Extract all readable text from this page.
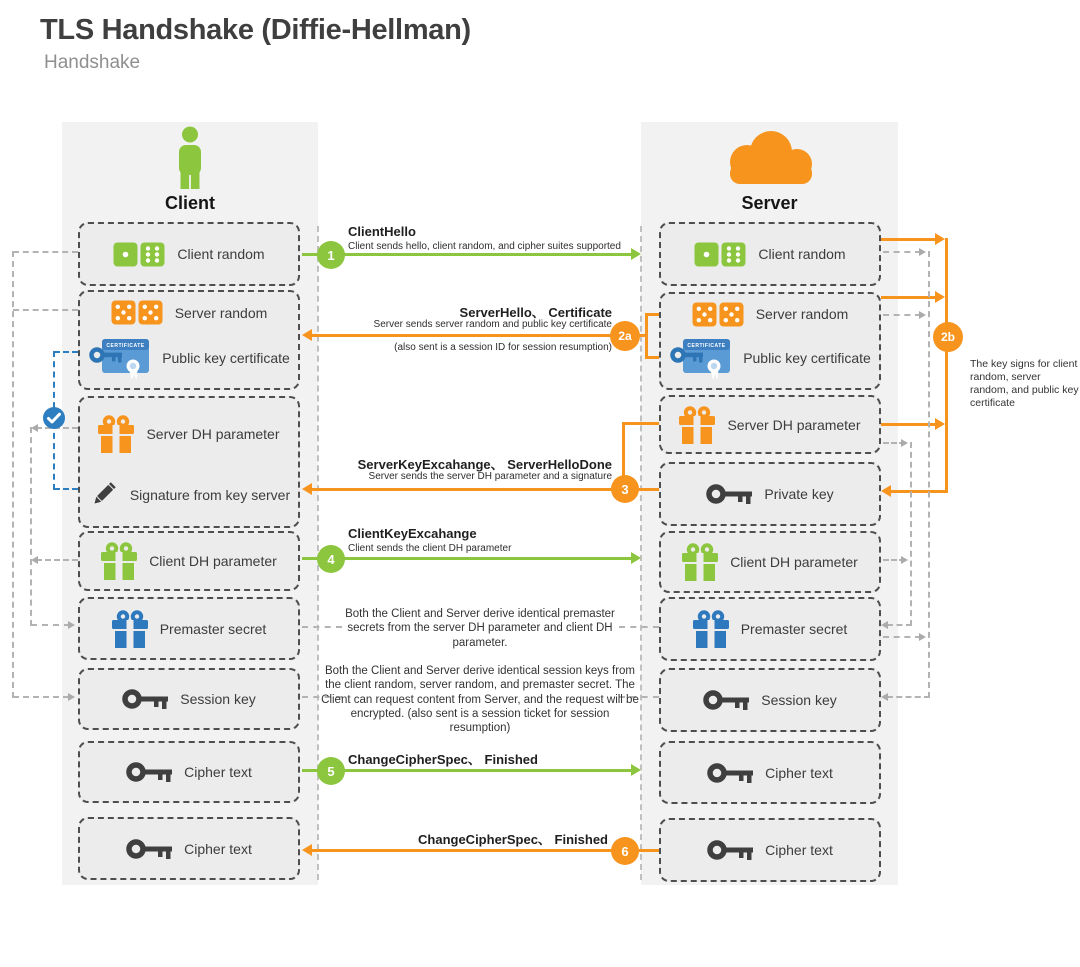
TLS Handshake (Diffie-Hellman)
Handshake
Client	Server
Client random
Server random
CERTIFICATE
Public key certificate
Server DH parameter
Signature from key server
Client DH parameter
Premaster secret
Session key
Cipher text
Cipher text
Client random
Server random
CERTIFICATE
Public key certificate
Server DH parameter
Private key
Client DH parameter
Premaster secret
Session key
Cipher text
Cipher text
ClientHello
Client sends hello, client random, and cipher suites supported
1
ServerHello、 Certificate
Server sends server random and public key certificate
(also sent is a session ID for session resumption)
2a
ServerKeyExcahange、 ServerHelloDone
Server sends the server DH parameter and a signature
3
ClientKeyExcahange
Client sends the client DH parameter
4
ChangeCipherSpec、 Finished
5
ChangeCipherSpec、 Finished
6
2b
The key signs for client random, server random, and public key certificate
Both the Client and Server derive identical premaster secrets from the server DH parameter and client DH parameter.
Both the Client and Server derive identical session keys from the client random, server random, and premaster secret. The Client can request content from Server, and the request will be encrypted. (also sent is a session ticket for session resumption)
